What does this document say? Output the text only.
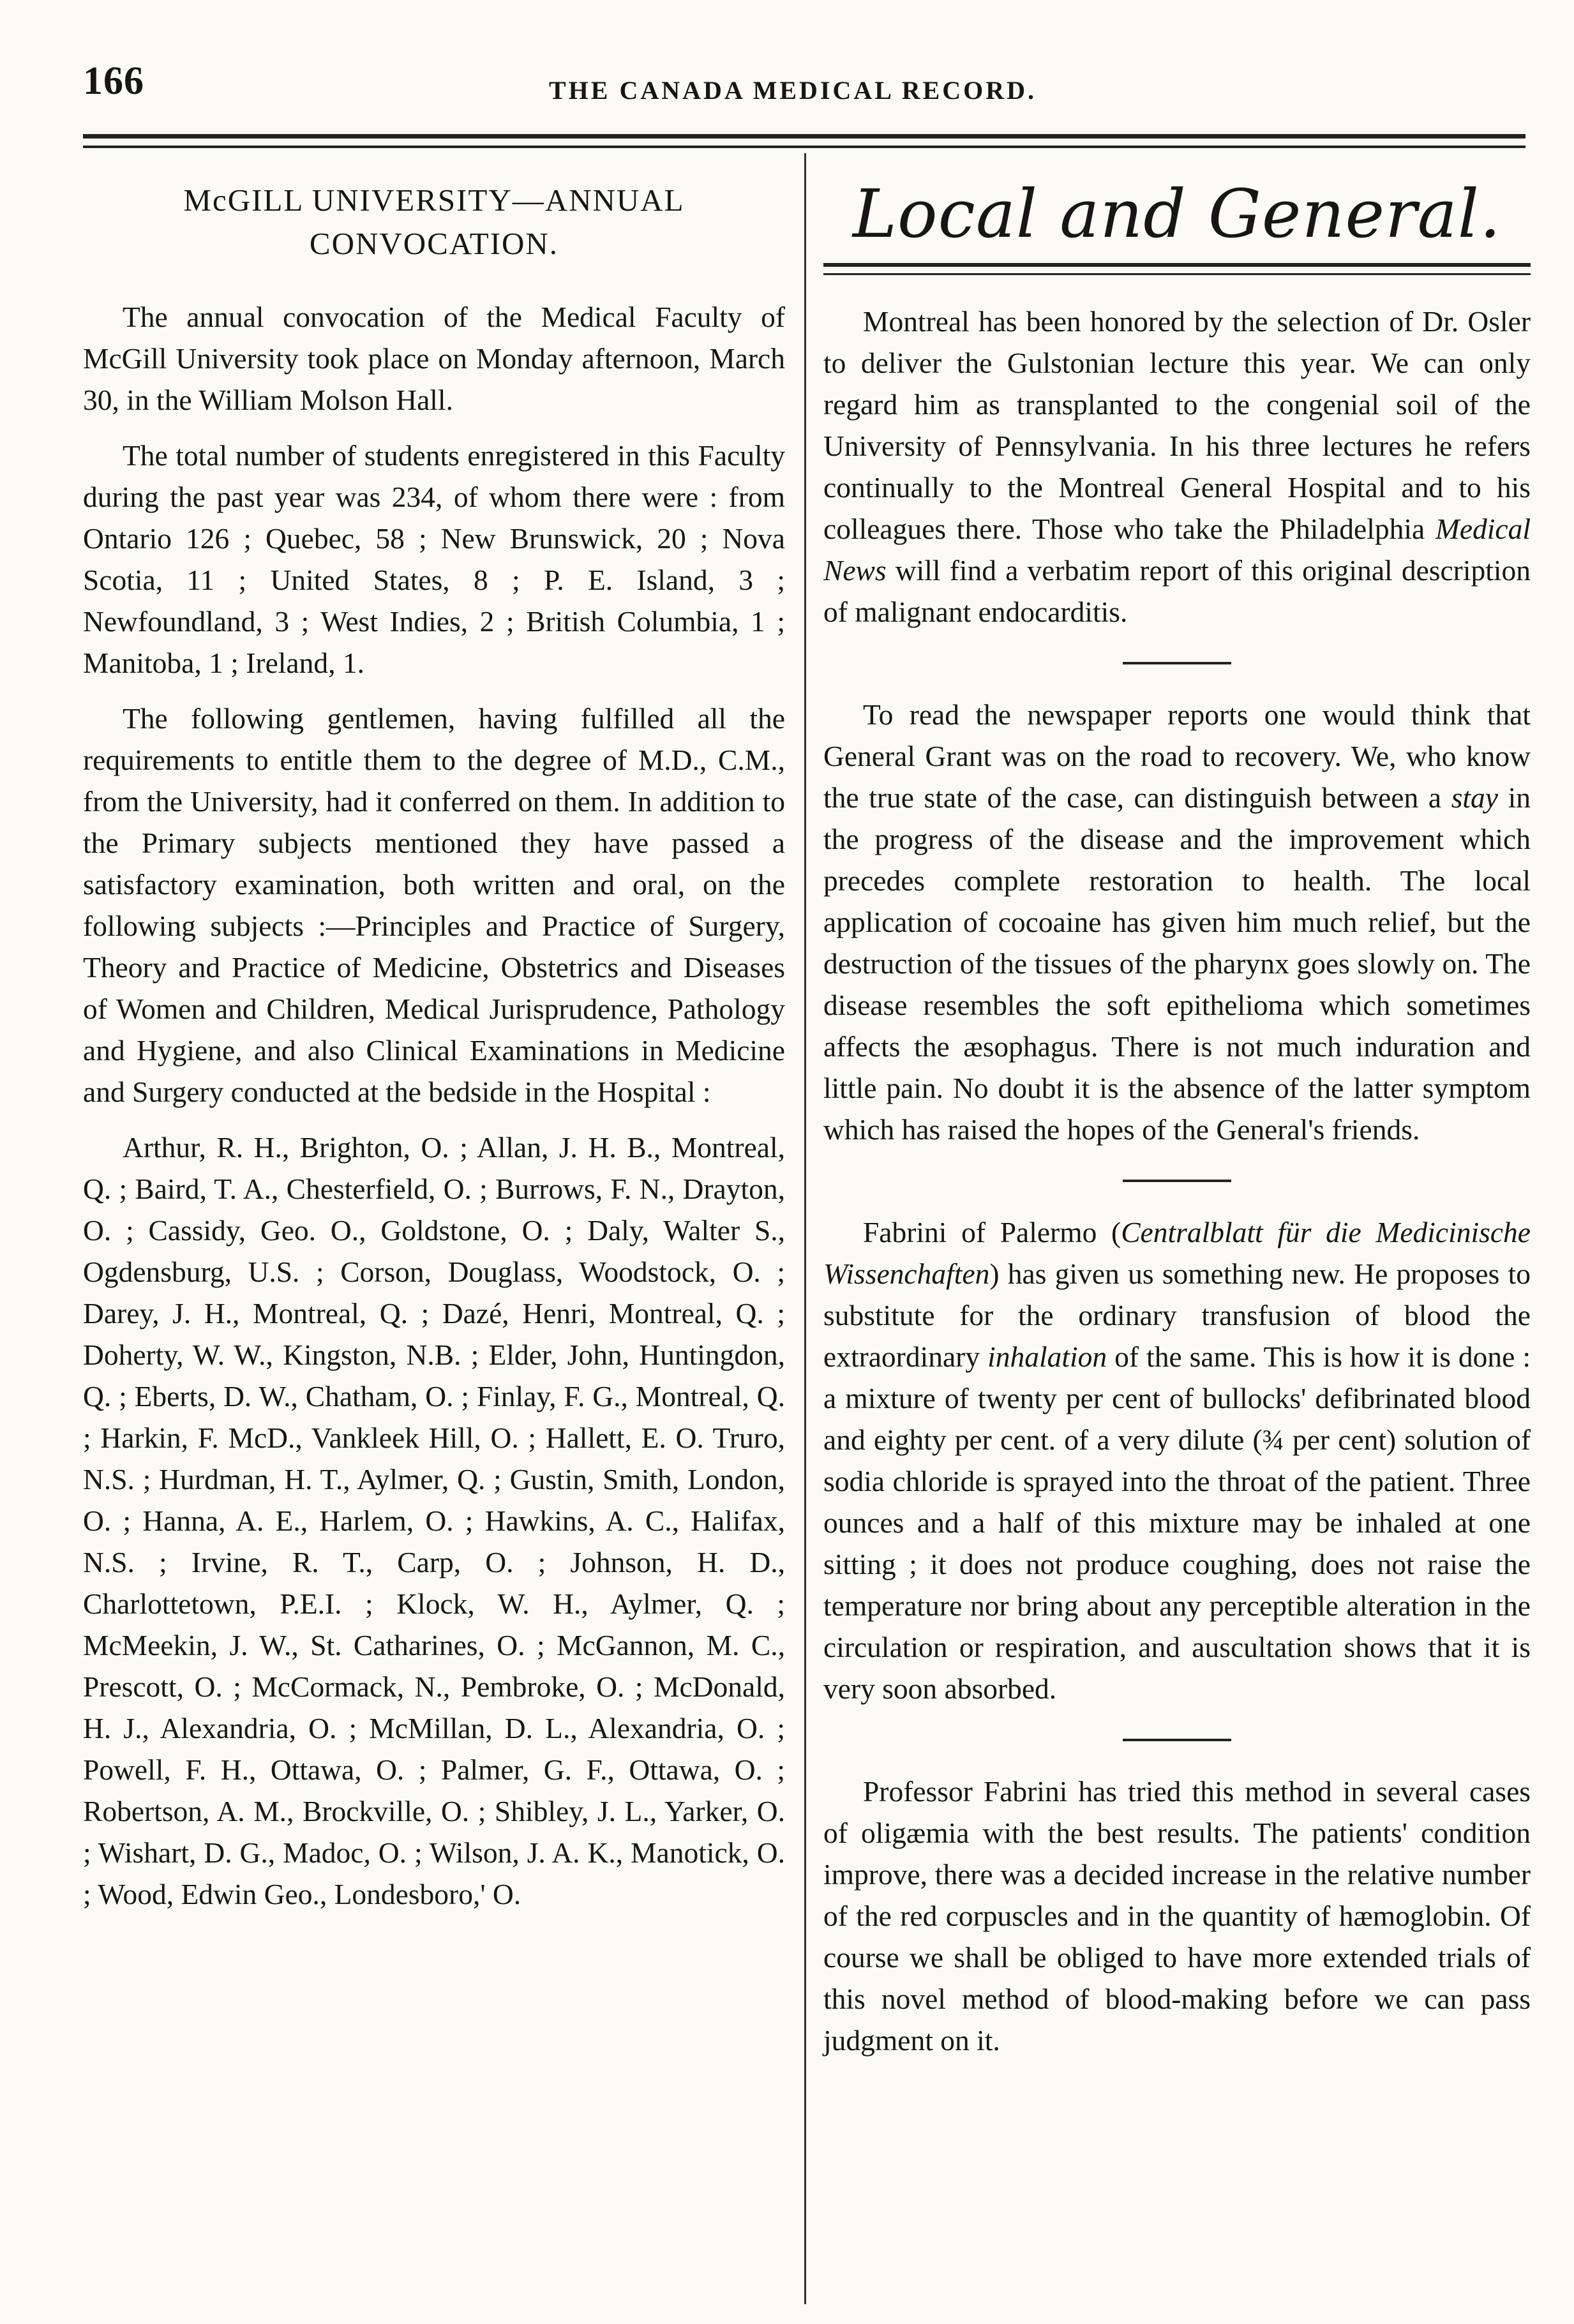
166	THE CANADA MEDICAL RECORD.
McGILL UNIVERSITY—ANNUAL CONVOCATION.

The annual convocation of the Medical Faculty of McGill University took place on Monday afternoon, March 30, in the William Molson Hall.

The total number of students enregistered in this Faculty during the past year was 234, of whom there were : from Ontario 126 ; Quebec, 58 ; New Brunswick, 20 ; Nova Scotia, 11 ; United States, 8 ; P. E. Island, 3 ; Newfoundland, 3 ; West Indies, 2 ; British Columbia, 1 ; Manitoba, 1 ; Ireland, 1.

The following gentlemen, having fulfilled all the requirements to entitle them to the degree of M.D., C.M., from the University, had it conferred on them. In addition to the Primary subjects mentioned they have passed a satisfactory examination, both written and oral, on the following subjects :—Principles and Practice of Surgery, Theory and Practice of Medicine, Obstetrics and Diseases of Women and Children, Medical Jurisprudence, Pathology and Hygiene, and also Clinical Examinations in Medicine and Surgery conducted at the bedside in the Hospital :

Arthur, R. H., Brighton, O. ; Allan, J. H. B., Montreal, Q. ; Baird, T. A., Chesterfield, O. ; Burrows, F. N., Drayton, O. ; Cassidy, Geo. O., Goldstone, O. ; Daly, Walter S., Ogdensburg, U.S. ; Corson, Douglass, Woodstock, O. ; Darey, J. H., Montreal, Q. ; Dazé, Henri, Montreal, Q. ; Doherty, W. W., Kingston, N.B. ; Elder, John, Huntingdon, Q. ; Eberts, D. W., Chatham, O. ; Finlay, F. G., Montreal, Q. ; Harkin, F. McD., Vankleek Hill, O. ; Hallett, E. O. Truro, N.S. ; Hurdman, H. T., Aylmer, Q. ; Gustin, Smith, London, O. ; Hanna, A. E., Harlem, O. ; Hawkins, A. C., Halifax, N.S. ; Irvine, R. T., Carp, O. ; Johnson, H. D., Charlottetown, P.E.I. ; Klock, W. H., Aylmer, Q. ; McMeekin, J. W., St. Catharines, O. ; McGannon, M. C., Prescott, O. ; McCormack, N., Pembroke, O. ; McDonald, H. J., Alexandria, O. ; McMillan, D. L., Alexandria, O. ; Powell, F. H., Ottawa, O. ; Palmer, G. F., Ottawa, O. ; Robertson, A. M., Brockville, O. ; Shibley, J. L., Yarker, O. ; Wishart, D. G., Madoc, O. ; Wilson, J. A. K., Manotick, O. ; Wood, Edwin Geo., Londesboro,' O.

Local and General.

Montreal has been honored by the selection of Dr. Osler to deliver the Gulstonian lecture this year. We can only regard him as transplanted to the congenial soil of the University of Pennsylvania. In his three lectures he refers continually to the Montreal General Hospital and to his colleagues there. Those who take the Philadelphia Medical News will find a verbatim report of this original description of malignant endocarditis.

To read the newspaper reports one would think that General Grant was on the road to recovery. We, who know the true state of the case, can distinguish between a stay in the progress of the disease and the improvement which precedes complete restoration to health. The local application of cocoaine has given him much relief, but the destruction of the tissues of the pharynx goes slowly on. The disease resembles the soft epithelioma which sometimes affects the æsophagus. There is not much induration and little pain. No doubt it is the absence of the latter symptom which has raised the hopes of the General's friends.

Fabrini of Palermo (Centralblatt für die Medicinische Wissenchaften) has given us something new. He proposes to substitute for the ordinary transfusion of blood the extraordinary inhalation of the same. This is how it is done : a mixture of twenty per cent of bullocks' defibrinated blood and eighty per cent. of a very dilute (¾ per cent) solution of sodia chloride is sprayed into the throat of the patient. Three ounces and a half of this mixture may be inhaled at one sitting ; it does not produce coughing, does not raise the temperature nor bring about any perceptible alteration in the circulation or respiration, and auscultation shows that it is very soon absorbed.

Professor Fabrini has tried this method in several cases of oligæmia with the best results. The patients' condition improve, there was a decided increase in the relative number of the red corpuscles and in the quantity of hæmoglobin. Of course we shall be obliged to have more extended trials of this novel method of blood-making before we can pass judgment on it.
